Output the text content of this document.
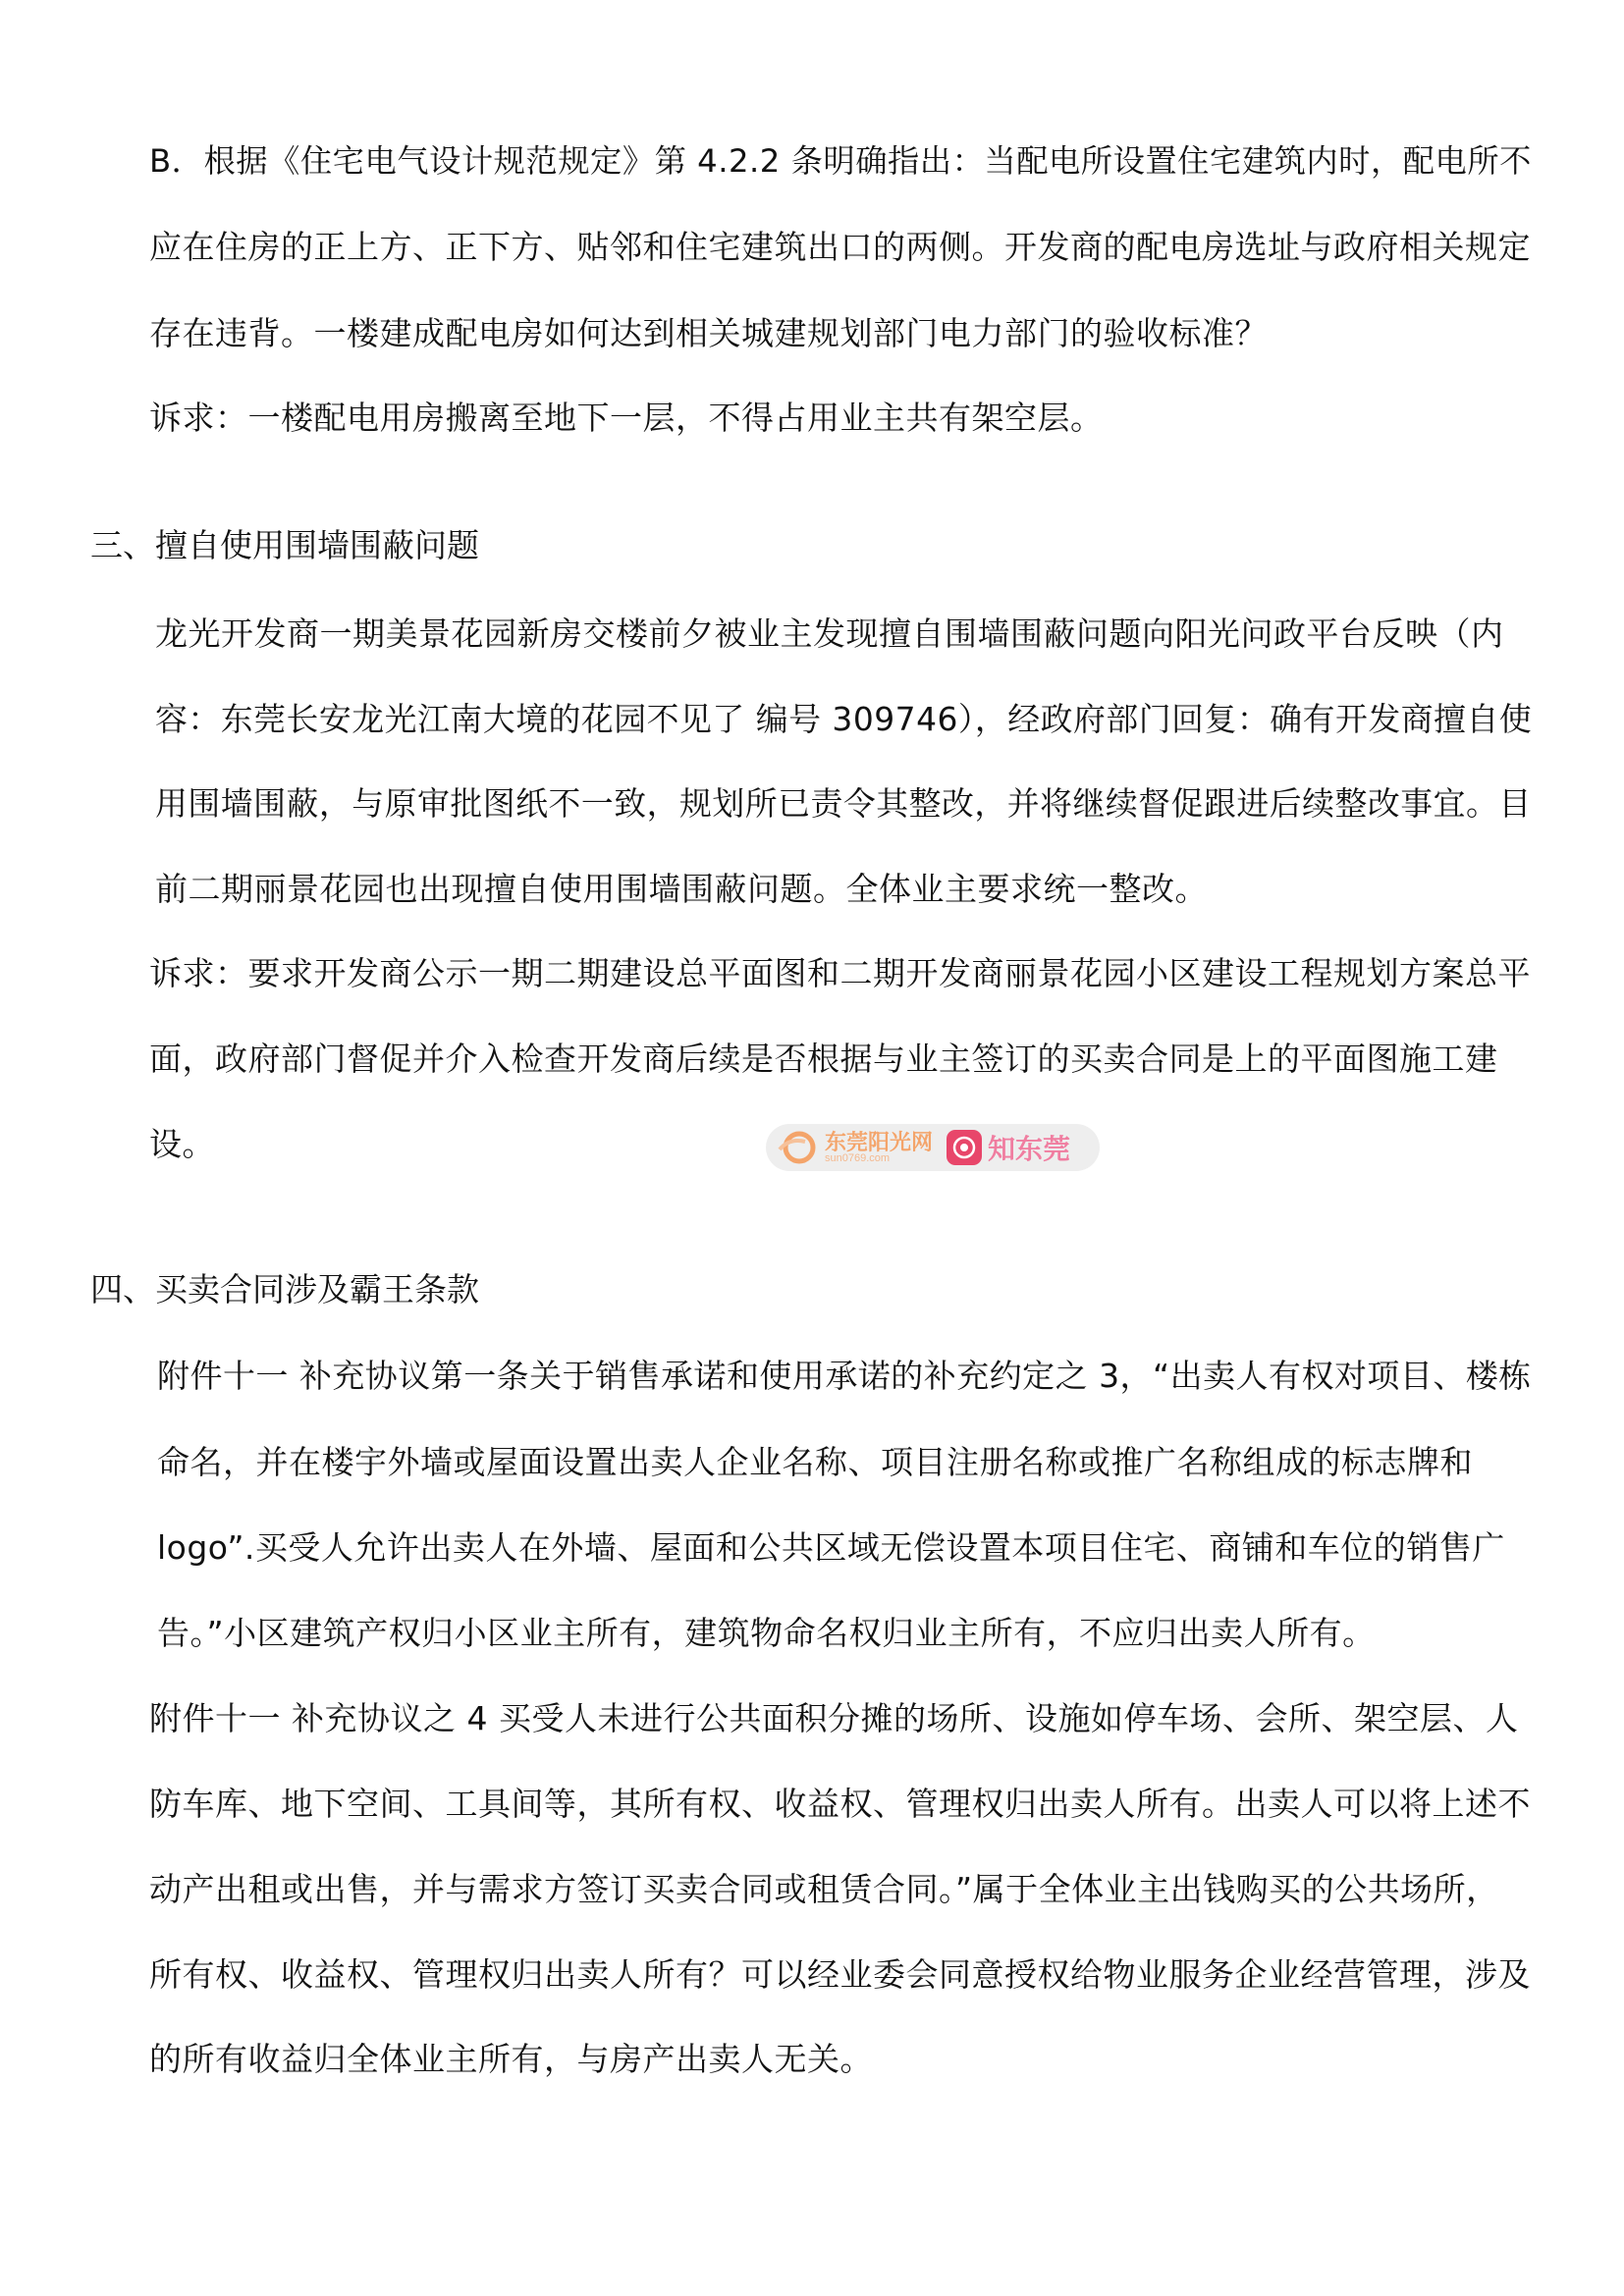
B．根据《住宅电气设计规范规定》第 4.2.2 条明确指出：当配电所设置住宅建筑内时，配电所不
应在住房的正上方、正下方、贴邻和住宅建筑出口的两侧。开发商的配电房选址与政府相关规定
存在违背。一楼建成配电房如何达到相关城建规划部门电力部门的验收标准？
诉求：一楼配电用房搬离至地下一层，不得占用业主共有架空层。
三、擅自使用围墙围蔽问题
龙光开发商一期美景花园新房交楼前夕被业主发现擅自围墙围蔽问题向阳光问政平台反映（内
容：东莞长安龙光江南大境的花园不见了 编号 309746），经政府部门回复：确有开发商擅自使
用围墙围蔽，与原审批图纸不一致，规划所已责令其整改，并将继续督促跟进后续整改事宜。目
前二期丽景花园也出现擅自使用围墙围蔽问题。全体业主要求统一整改。
诉求：要求开发商公示一期二期建设总平面图和二期开发商丽景花园小区建设工程规划方案总平
面，政府部门督促并介入检查开发商后续是否根据与业主签订的买卖合同是上的平面图施工建
设。	东莞阳光网
sun0769.com	知东莞
四、买卖合同涉及霸王条款
附件十一 补充协议第一条关于销售承诺和使用承诺的补充约定之 3，“出卖人有权对项目、楼栋
命名，并在楼宇外墙或屋面设置出卖人企业名称、项目注册名称或推广名称组成的标志牌和
logo”.买受人允许出卖人在外墙、屋面和公共区域无偿设置本项目住宅、商铺和车位的销售广
告。”小区建筑产权归小区业主所有，建筑物命名权归业主所有，不应归出卖人所有。
附件十一 补充协议之 4 买受人未进行公共面积分摊的场所、设施如停车场、会所、架空层、人
防车库、地下空间、工具间等，其所有权、收益权、管理权归出卖人所有。出卖人可以将上述不
动产出租或出售，并与需求方签订买卖合同或租赁合同。”属于全体业主出钱购买的公共场所，
所有权、收益权、管理权归出卖人所有？可以经业委会同意授权给物业服务企业经营管理，涉及
的所有收益归全体业主所有，与房产出卖人无关。
